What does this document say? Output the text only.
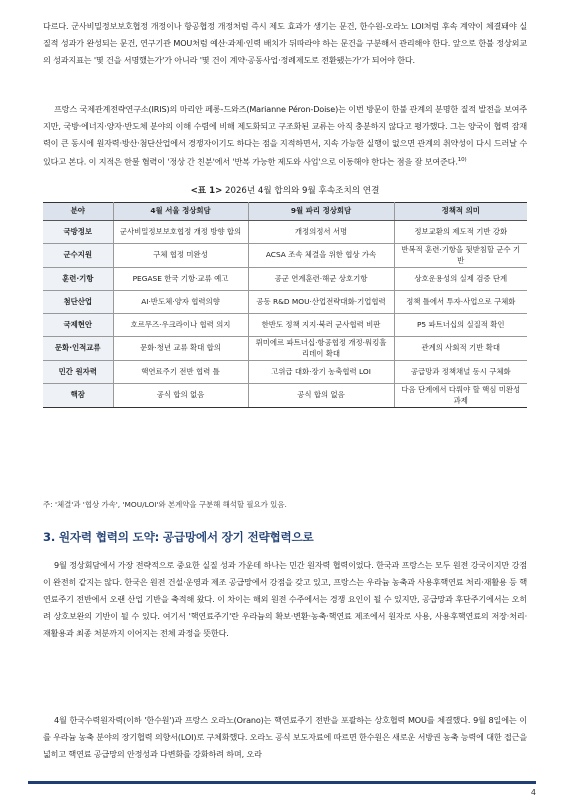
다르다. 군사비밀정보보호협정 개정이나 항공협정 개정처럼 즉시 제도 효과가 생기는 문건, 한수원-오라노 LOI처럼 후속 계약이 체결돼야 실질적 성과가 완성되는 문건, 연구기관 MOU처럼 예산·과제·인력 배치가 뒤따라야 하는 문건을 구분해서 관리해야 한다. 앞으로 한불 정상외교의 성과지표는 '몇 건을 서명했는가'가 아니라 '몇 건이 계약·공동사업·정례제도로 전환됐는가'가 되어야 한다.

프랑스 국제관계전략연구소(IRIS)의 마리안 페롱-드와즈(Marianne Péron-Doise)는 이번 방문이 한불 관계의 분명한 질적 발전을 보여주지만, 국방·에너지·양자·반도체 분야의 이해 수렴에 비해 제도화되고 구조화된 교류는 아직 충분하지 않다고 평가했다. 그는 양국이 협력 잠재력이 큰 동시에 원자력·방산·첨단산업에서 경쟁자이기도 하다는 점을 지적하면서, 지속 가능한 실행이 없으면 관계의 취약성이 다시 드러날 수 있다고 본다. 이 지적은 한불 협력이 '정상 간 친분'에서 '반복 가능한 제도와 사업'으로 이동해야 한다는 점을 잘 보여준다.$^{10)}$

<표 1> 2026년 4월 합의와 9월 후속조치의 연결
분야	4월 서울 정상회담	9월 파리 정상회담	정책적 의미
국방정보	군사비밀정보보호협정 개정 방향 합의	개정의정서 서명	정보교환의 제도적 기반 강화
군수지원	구체 협정 미완성	ACSA 조속 체결을 위한 협상 가속	반복적 훈련·기항을 뒷받침할 군수 기반
훈련·기항	PEGASE 한국 기항·교류 예고	공군 연계훈련·해군 상호기항	상호운용성의 실제 검증 단계
첨단산업	AI·반도체·양자 협력의향	공동 R&D MOU·산업전략대화·기업협력	정책 틀에서 투자·사업으로 구체화
국제현안	호르무즈·우크라이나 협력 의지	한반도 정책 지지·북러 군사협력 비판	P5 파트너십의 실질적 확인
문화·인적교류	문화·청년 교류 확대 합의	뤼미에르 파트너십·항공협정 개정·워킹홀리데이 확대	관계의 사회적 기반 확대
민간 원자력	핵연료주기 전반 협력 틀	고위급 대화·장기 농축협력 LOI	공급망과 정책채널 동시 구체화
핵잠	공식 합의 없음	공식 합의 없음	다음 단계에서 다뤄야 할 핵심 미완성 과제

주: '체결'과 '협상 가속', 'MOU/LOI'와 본계약을 구분해 해석할 필요가 있음.

3. 원자력 협력의 도약: 공급망에서 장기 전략협력으로

9월 정상회담에서 가장 전략적으로 중요한 실질 성과 가운데 하나는 민간 원자력 협력이었다. 한국과 프랑스는 모두 원전 강국이지만 강점이 완전히 같지는 않다. 한국은 원전 건설·운영과 제조 공급망에서 강점을 갖고 있고, 프랑스는 우라늄 농축과 사용후핵연료 처리·재활용 등 핵연료주기 전반에서 오랜 산업 기반을 축적해 왔다. 이 차이는 해외 원전 수주에서는 경쟁 요인이 될 수 있지만, 공급망과 후단주기에서는 오히려 상호보완의 기반이 될 수 있다. 여기서 '핵연료주기'란 우라늄의 확보·변환·농축·핵연료 제조에서 원자로 사용, 사용후핵연료의 저장·처리·재활용과 최종 처분까지 이어지는 전체 과정을 뜻한다.

4월 한국수력원자력(이하 '한수원')과 프랑스 오라노(Orano)는 핵연료주기 전반을 포괄하는 상호협력 MOU를 체결했다. 9월 8일에는 이를 우라늄 농축 분야의 장기협력 의향서(LOI)로 구체화했다. 오라노 공식 보도자료에 따르면 한수원은 새로운 서방권 농축 능력에 대한 접근을 넓히고 핵연료 공급망의 안정성과 다변화를 강화하려 하며, 오라

4
